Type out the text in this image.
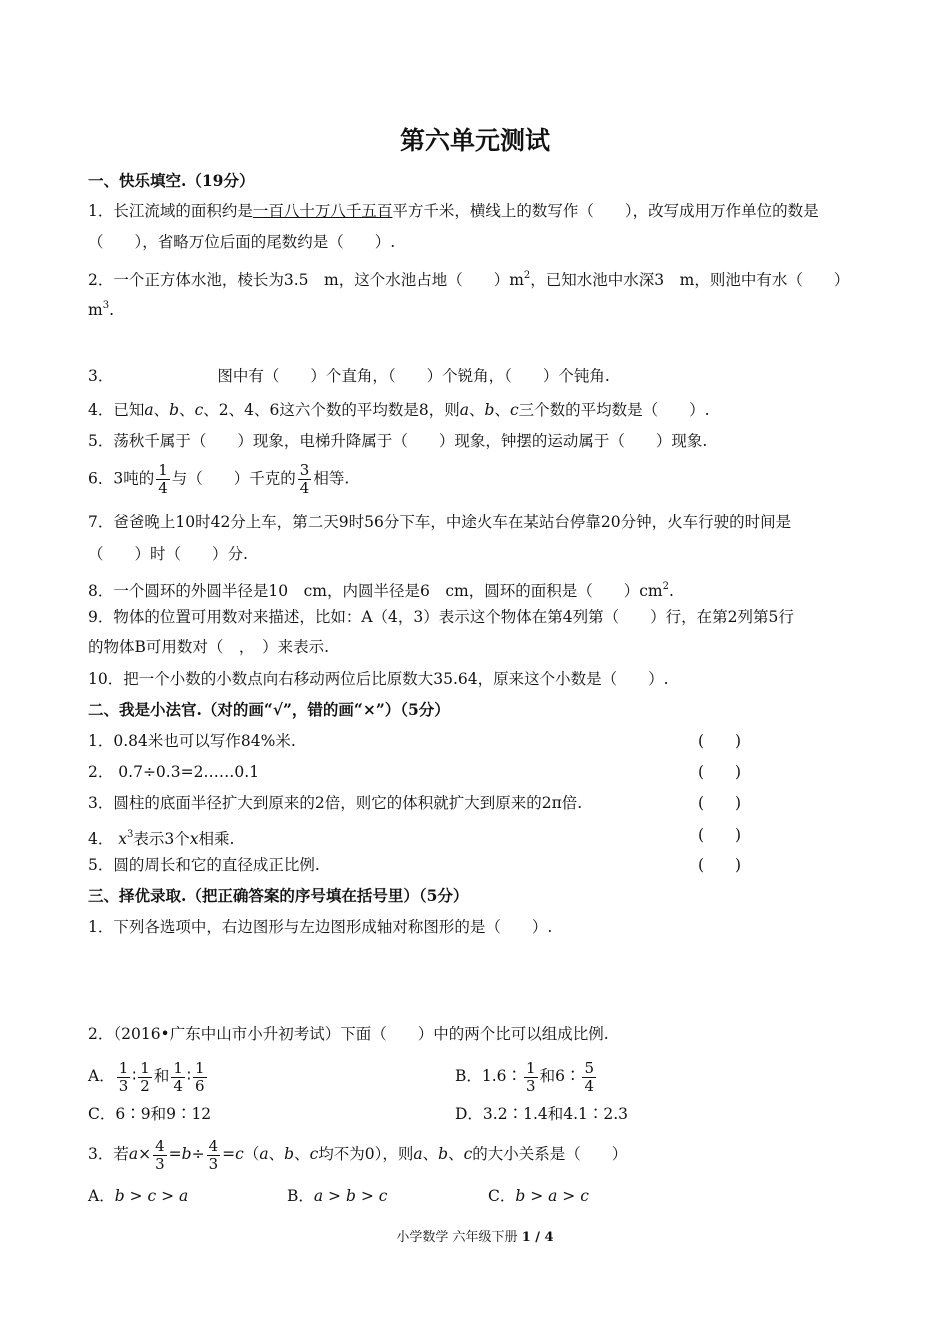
第六单元测试
一、快乐填空.（19分）
1．长江流域的面积约是一百八十万八千五百平方千米，横线上的数写作（　　），改写成用万作单位的数是
（　　），省略万位后面的尾数约是（　　）.
2．一个正方体水池，棱长为3.5　m，这个水池占地（　　）$m^2$，已知水池中水深3　m，则池中有水（　　）
$m^3$.
3．	图中有（　　）个直角，（　　）个锐角，（　　）个钝角.
4．已知a、b、c、2、4、6这六个数的平均数是8，则a、b、c三个数的平均数是（　　）.
5．荡秋千属于（　　）现象，电梯升降属于（　　）现象，钟摆的运动属于（　　）现象.
6．3吨的 $\frac{1}{4}$ 与（　　）千克的 $\frac{3}{4}$ 相等.
7．爸爸晚上10时42分上车，第二天9时56分下车，中途火车在某站台停靠20分钟，火车行驶的时间是
（　　）时（　　）分.
8．一个圆环的外圆半径是10　cm，内圆半径是6　cm，圆环的面积是（　　）$cm^2$.
9．物体的位置可用数对来描述，比如：A（4，3）表示这个物体在第4列第（　　）行，在第2列第5行
的物体B可用数对（　，　）来表示.
10．把一个小数的小数点向右移动两位后比原数大35.64，原来这个小数是（　　）.
二、我是小法官.（对的画“√”，错的画“×”）（5分）
1．0.84米也可以写作84%米.	(　　)
2． 0.7÷0.3=2……0.1	(　　)
3．圆柱的底面半径扩大到原来的2倍，则它的体积就扩大到原来的2π倍.	(　　)
4． $x^3$表示3个x相乘.	(　　)
5．圆的周长和它的直径成正比例.	(　　)
三、择优录取.（把正确答案的序号填在括号里）（5分）
1．下列各选项中，右边图形与左边图形成轴对称图形的是（　　）.
2．（2016•广东中山市小升初考试）下面（　　）中的两个比可以组成比例.
A． $\frac{1}{3}$ ∶ $\frac{1}{2}$ 和 $\frac{1}{4}$ ∶ $\frac{1}{6}$	B．1.6∶ $\frac{1}{3}$ 和6∶ $\frac{5}{4}$
C．6∶9和9∶12	D．3.2∶1.4和4.1∶2.3
3．若$a\times \frac{4}{3} =b\div \frac{4}{3} =c(a$、b、c均不为0），则a、b、c的大小关系是（　　）
A．b > c > a	B．a > b > c	C．b > a > c
小学数学 六年级下册 1 / 4
